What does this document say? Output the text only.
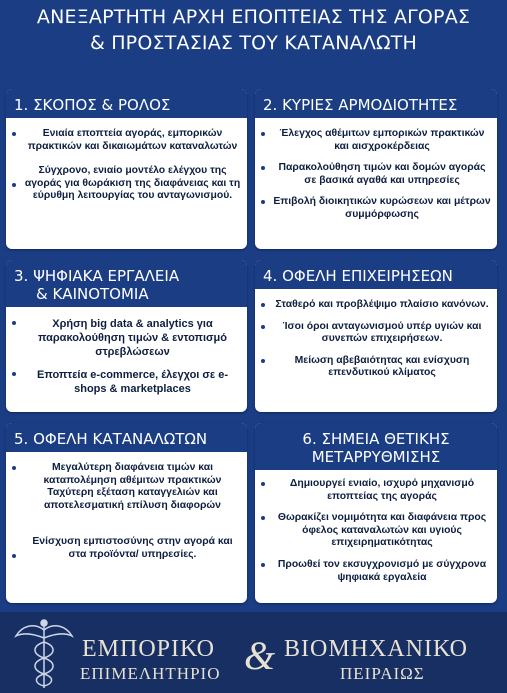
ΑΝΕΞΑΡΤΗΤΗ ΑΡΧΗ ΕΠΟΠΤΕΙΑΣ ΤΗΣ ΑΓΟΡΑΣ
& ΠΡΟΣΤΑΣΙΑΣ ΤΟΥ ΚΑΤΑΝΑΛΩΤΗ
1. ΣΚΟΠΟΣ & ΡΟΛΟΣ
Ενιαία εποπτεία αγοράς, εμπορικών πρακτικών και δικαιωμάτων καταναλωτών
Σύγχρονο, ενιαίο μοντέλο ελέγχου της αγοράς για θωράκιση της διαφάνειας και τη εύρυθμη λειτουργίας του ανταγωνισμού.
2. ΚΥΡΙΕΣ ΑΡΜΟΔΙΟΤΗΤΕΣ
Έλεγχος αθέμιτων εμπορικών πρακτικών και αισχροκέρδειας
Παρακολούθηση τιμών και δομών αγοράς σε βασικά αγαθά και υπηρεσίες
Επιβολή διοικητικών κυρώσεων και μέτρων συμμόρφωσης
3. ΨΗΦΙΑΚΑ ΕΡΓΑΛΕΙΑ
& ΚΑΙΝΟΤΟΜΙΑ
Χρήση big data & analytics για παρακολούθηση τιμών & εντοπισμό στρεβλώσεων
Εποπτεία e-commerce, έλεγχοι σε e-shops & marketplaces
4. ΟΦΕΛΗ ΕΠΙΧΕΙΡΗΣΕΩΝ
Σταθερό και προβλέψιμο πλαίσιο κανόνων.
Ίσοι όροι ανταγωνισμού υπέρ υγιών και συνεπών επιχειρήσεων.
Μείωση αβεβαιότητας και ενίσχυση επενδυτικού κλίματος
5. ΟΦΕΛΗ ΚΑΤΑΝΑΛΩΤΩΝ
Μεγαλύτερη διαφάνεια τιμών και καταπολέμηση αθέμιτων πρακτικών Ταχύτερη εξέταση καταγγελιών και αποτελεσματική επίλυση διαφορών
Ενίσχυση εμπιστοσύνης στην αγορά και στα προϊόντα/ υπηρεσίες.
6. ΣΗΜΕΙΑ ΘΕΤΙΚΗΣ
ΜΕΤΑΡΡΥΘΜΙΣΗΣ
Δημιουργεί ενιαίο, ισχυρό μηχανισμό εποπτείας της αγοράς
Θωρακίζει νομιμότητα και διαφάνεια προς όφελος καταναλωτών και υγιούς επιχειρηματικότητας
Προωθεί τον εκσυγχρονισμό με σύγχρονα ψηφιακά εργαλεία
ΕΜΠΟΡΙΚΟ
ΕΠΙΜΕΛΗΤΗΡΙΟ & ΒΙΟΜΗΧΑΝΙΚΟ
ΠΕΙΡΑΙΩΣ
